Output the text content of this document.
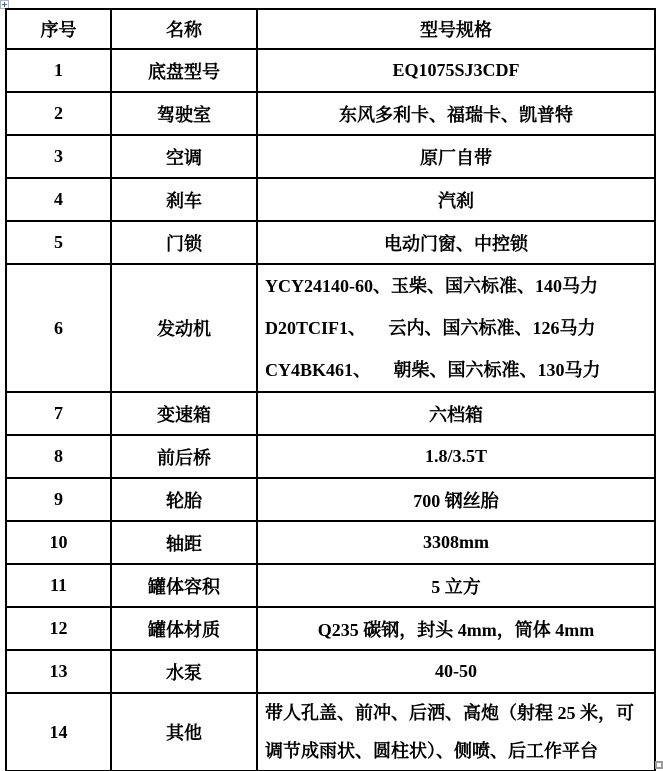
序号	名称	型号规格
1	底盘型号	EQ1075SJ3CDF
2	驾驶室	东风多利卡、福瑞卡、凯普特
3	空调	原厂自带
4	刹车	汽刹
5	门锁	电动门窗、中控锁
6	发动机	YCY24140-60、玉柴、国六标准、140马力
D20TCIF1、     云内、国六标准、126马力
CY4BK461、     朝柴、国六标准、130马力

7	变速箱	六档箱
8	前后桥	1.8/3.5T
9	轮胎	700 钢丝胎
10	轴距	3308mm
11	罐体容积	5 立方
12	罐体材质	Q235 碳钢，封头 4mm，筒体 4mm
13	水泵	40-50
14	其他	带人孔盖、前冲、后洒、高炮（射程 25 米，可
调节成雨状、圆柱状）、侧喷、后工作平台
